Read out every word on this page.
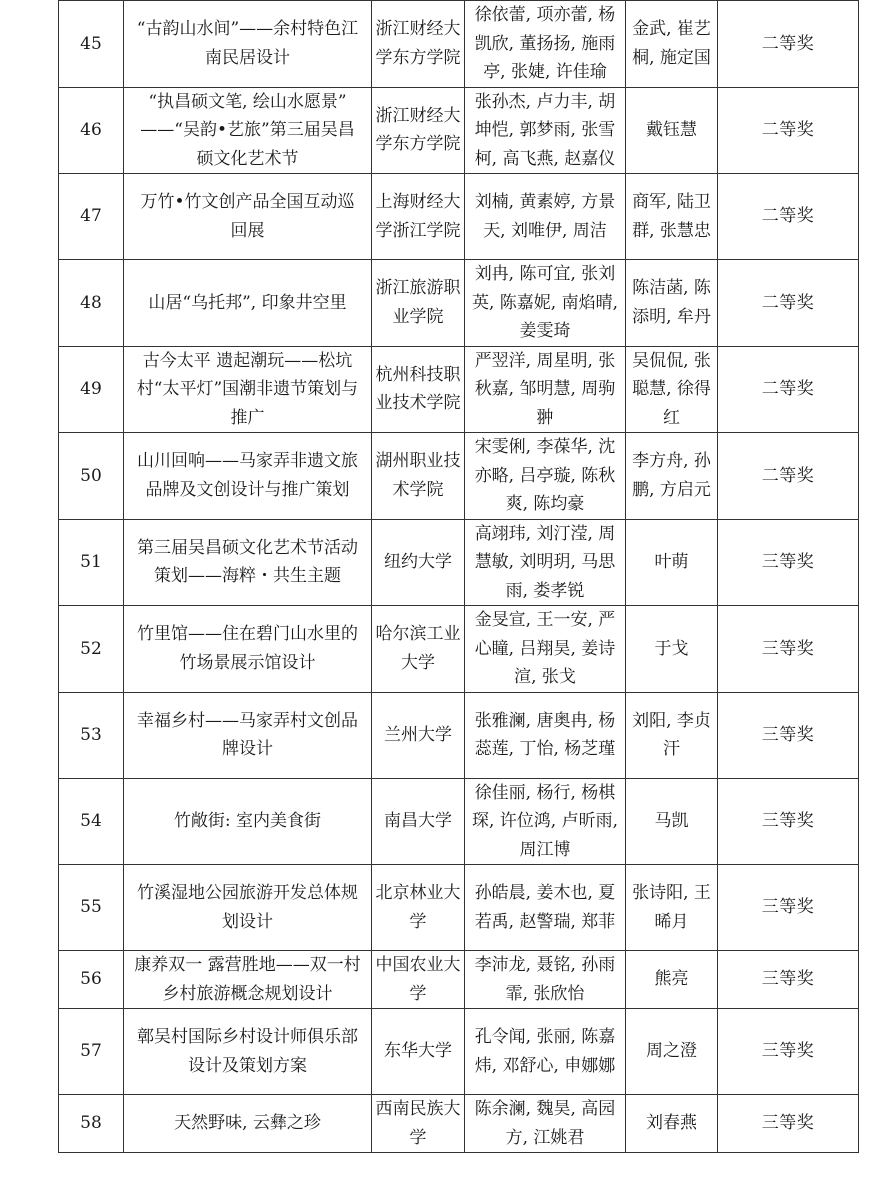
45	“古韵山水间”——余村特色江南民居设计	浙江财经大学东方学院	徐依蕾, 项亦蕾, 杨凯欣, 董扬扬, 施雨亭, 张婕, 许佳瑜	金武, 崔艺桐, 施定国	二等奖
46	“执昌硕文笔, 绘山水愿景” ——“吴韵•艺旅”第三届吴昌硕文化艺术节	浙江财经大学东方学院	张孙杰, 卢力丰, 胡坤恺, 郭梦雨, 张雪柯, 高飞燕, 赵嘉仪	戴钰慧	二等奖
47	万竹•竹文创产品全国互动巡回展	上海财经大学浙江学院	刘楠, 黄素婷, 方景天, 刘唯伊, 周洁	商军, 陆卫群, 张慧忠	二等奖
48	山居“乌托邦”, 印象井空里	浙江旅游职业学院	刘冉, 陈可宜, 张刘英, 陈嘉妮, 南焰晴, 姜雯琦	陈洁菡, 陈添明, 牟丹	二等奖
49	古今太平 遗起潮玩——松坑村“太平灯”国潮非遗节策划与推广	杭州科技职业技术学院	严翌洋, 周星明, 张秋嘉, 邹明慧, 周驹翀	吴侃侃, 张聪慧, 徐得红	二等奖
50	山川回响——马家弄非遗文旅品牌及文创设计与推广策划	湖州职业技术学院	宋雯俐, 李葆华, 沈亦略, 吕亭璇, 陈秋爽, 陈均豪	李方舟, 孙鹏, 方启元	二等奖
51	第三届吴昌硕文化艺术节活动策划——海粹・共生主题	纽约大学	高翊玮, 刘汀滢, 周慧敏, 刘明玥, 马思雨, 娄孝锐	叶萌	三等奖
52	竹里馆——住在碧门山水里的竹场景展示馆设计	哈尔滨工业大学	金旻宣, 王一安, 严心瞳, 吕翔昊, 姜诗渲, 张戈	于戈	三等奖
53	幸福乡村——马家弄村文创品牌设计	兰州大学	张雅澜, 唐奥冉, 杨蕊莲, 丁怡, 杨芝瑾	刘阳, 李贞汗	三等奖
54	竹敞街: 室内美食街	南昌大学	徐佳丽, 杨行, 杨棋琛, 许位鸿, 卢昕雨, 周江博	马凯	三等奖
55	竹溪湿地公园旅游开发总体规划设计	北京林业大学	孙皓晨, 姜木也, 夏若禹, 赵警瑞, 郑菲	张诗阳, 王晞月	三等奖
56	康养双一 露营胜地——双一村乡村旅游概念规划设计	中国农业大学	李沛龙, 聂铭, 孙雨霏, 张欣怡	熊亮	三等奖
57	鄣吴村国际乡村设计师俱乐部设计及策划方案	东华大学	孔令闻, 张丽, 陈嘉炜, 邓舒心, 申娜娜	周之澄	三等奖
58	天然野味, 云彝之珍	西南民族大学	陈余澜, 魏昊, 高园方, 江姚君	刘春燕	三等奖
